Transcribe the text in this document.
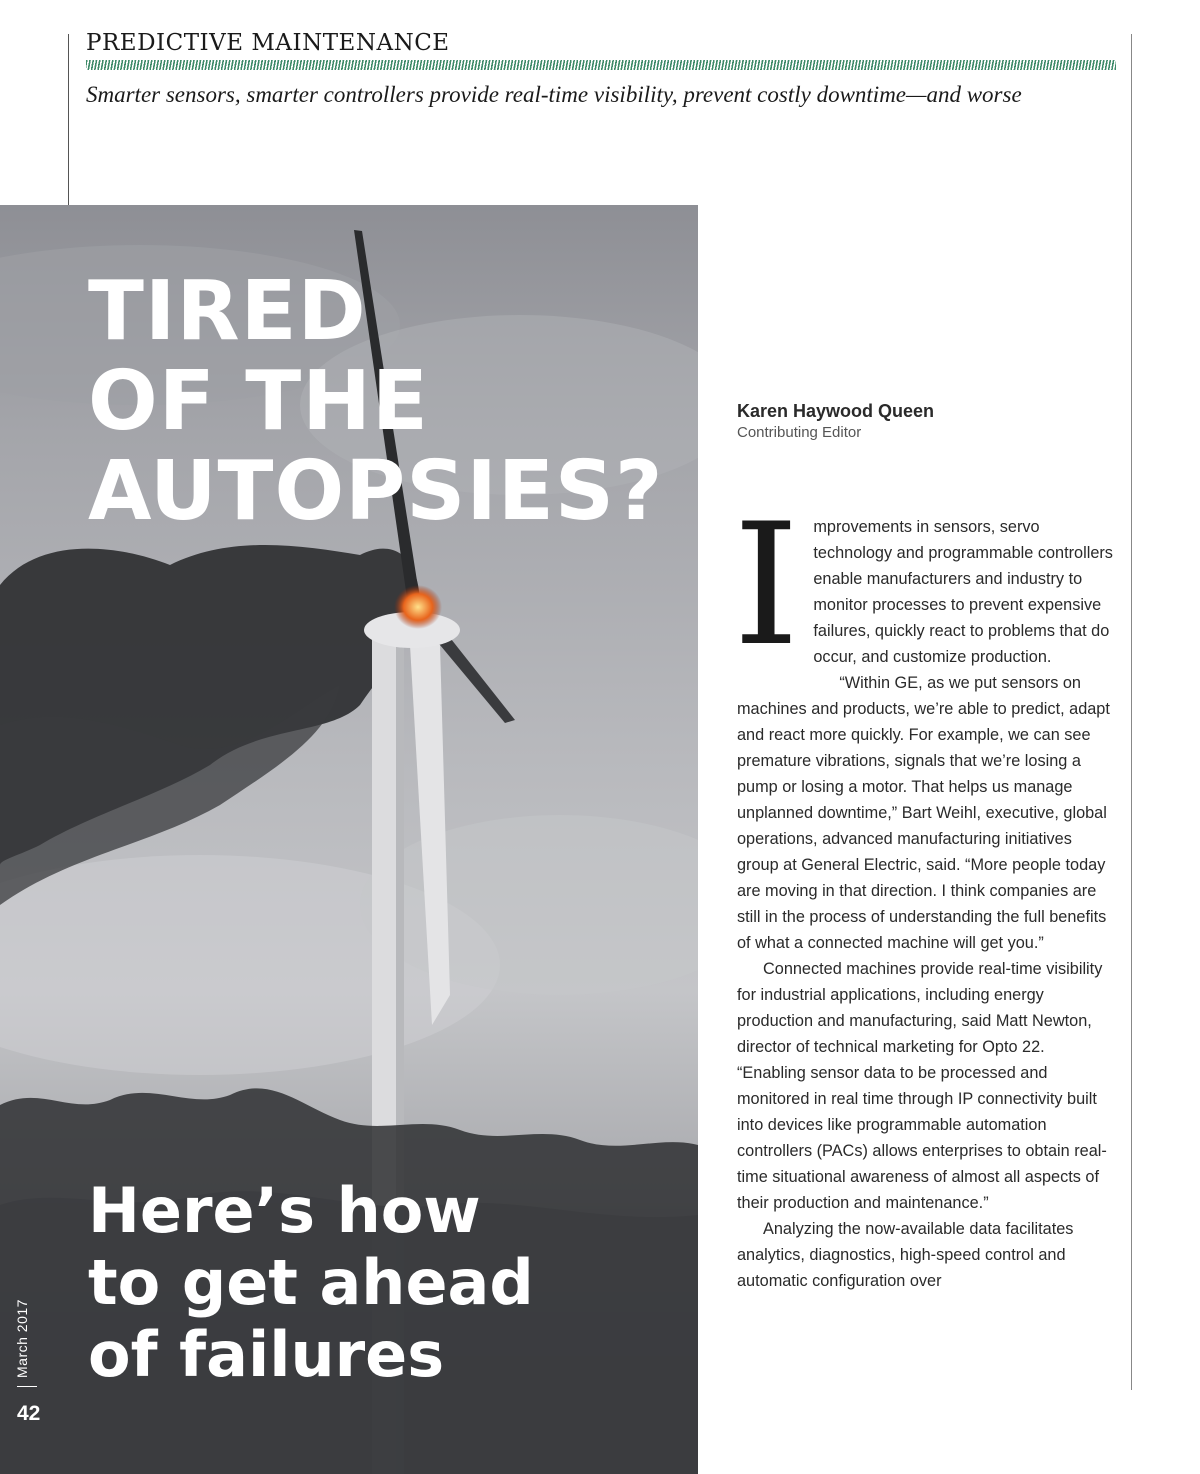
PREDICTIVE MAINTENANCE
Smarter sensors, smarter controllers provide real-time visibility, prevent costly downtime—and worse
TIRED
OF THE
AUTOPSIES?
Here’s how
to get ahead
of failures
March 2017
42
Karen Haywood Queen
Contributing Editor

Improvements in sensors, servo technology and programmable controllers enable manufacturers and industry to monitor processes to prevent expensive failures, quickly react to problems that do occur, and customize production.

“Within GE, as we put sensors on machines and products, we’re able to predict, adapt and react more quickly. For example, we can see premature vibrations, signals that we’re losing a pump or losing a motor. That helps us manage unplanned downtime,” Bart Weihl, executive, global operations, advanced manufacturing initiatives group at General Electric, said. “More people today are moving in that direction. I think companies are still in the process of understanding the full benefits of what a connected machine will get you.”

Connected machines provide real-time visibility for industrial applications, including energy production and manufacturing, said Matt Newton, director of technical marketing for Opto 22. “Enabling sensor data to be processed and monitored in real time through IP connectivity built into devices like programmable automation controllers (PACs) allows enterprises to obtain real-time situational awareness of almost all aspects of their production and maintenance.”

Analyzing the now-available data facilitates analytics, diagnostics, high-speed control and automatic configuration over
